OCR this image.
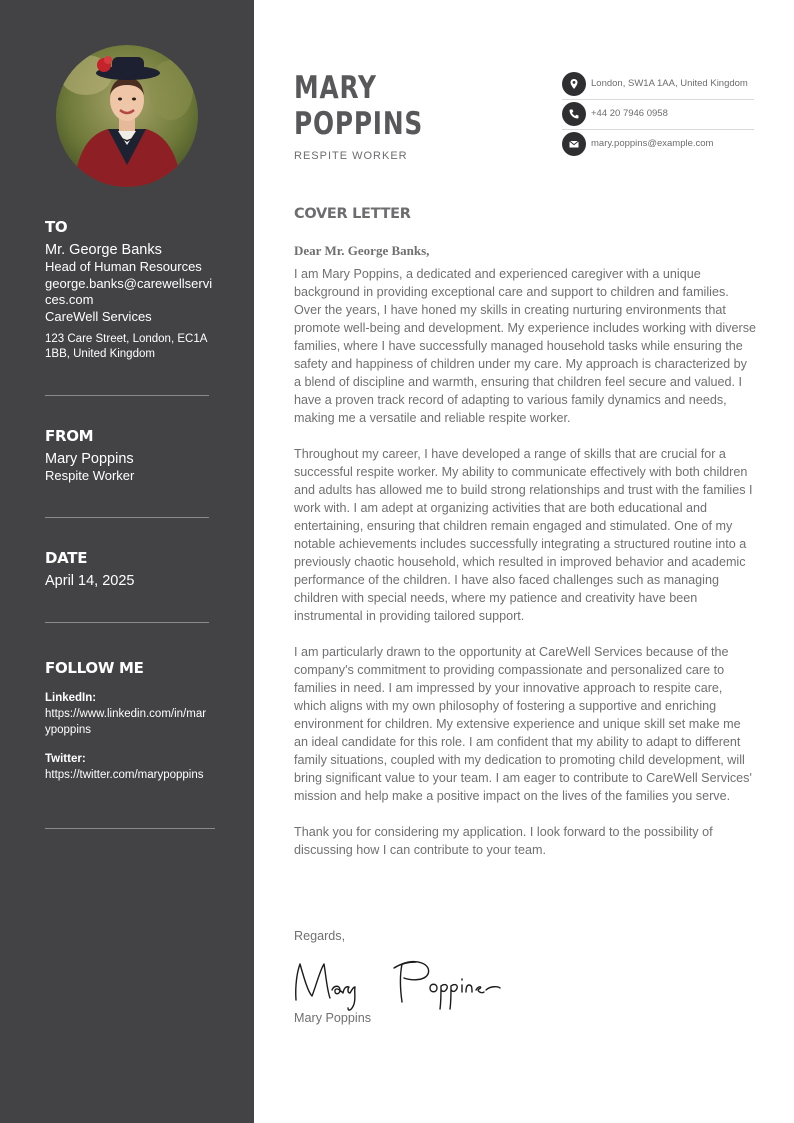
TO
Mr. George Banks
Head of Human Resources
george.banks@carewellservices.com
CareWell Services
123 Care Street, London, EC1A 1BB, United Kingdom
FROM
Mary Poppins
Respite Worker
DATE
April 14, 2025
FOLLOW ME
LinkedIn:
https://www.linkedin.com/in/marypoppins
Twitter:
https://twitter.com/marypoppins
MARY
POPPINS
RESPITE WORKER
London, SW1A 1AA, United Kingdom
+44 20 7946 0958
mary.poppins@example.com
COVER LETTER
Dear Mr. George Banks,

I am Mary Poppins, a dedicated and experienced caregiver with a unique background in providing exceptional care and support to children and families. Over the years, I have honed my skills in creating nurturing environments that promote well-being and development. My experience includes working with diverse families, where I have successfully managed household tasks while ensuring the safety and happiness of children under my care. My approach is characterized by a blend of discipline and warmth, ensuring that children feel secure and valued. I have a proven track record of adapting to various family dynamics and needs, making me a versatile and reliable respite worker.

Throughout my career, I have developed a range of skills that are crucial for a successful respite worker. My ability to communicate effectively with both children and adults has allowed me to build strong relationships and trust with the families I work with. I am adept at organizing activities that are both educational and entertaining, ensuring that children remain engaged and stimulated. One of my notable achievements includes successfully integrating a structured routine into a previously chaotic household, which resulted in improved behavior and academic performance of the children. I have also faced challenges such as managing children with special needs, where my patience and creativity have been instrumental in providing tailored support.

I am particularly drawn to the opportunity at CareWell Services because of the company's commitment to providing compassionate and personalized care to families in need. I am impressed by your innovative approach to respite care, which aligns with my own philosophy of fostering a supportive and enriching environment for children. My extensive experience and unique skill set make me an ideal candidate for this role. I am confident that my ability to adapt to different family situations, coupled with my dedication to promoting child development, will bring significant value to your team. I am eager to contribute to CareWell Services' mission and help make a positive impact on the lives of the families you serve.

Thank you for considering my application. I look forward to the possibility of discussing how I can contribute to your team.

Regards,
Mary Poppins
